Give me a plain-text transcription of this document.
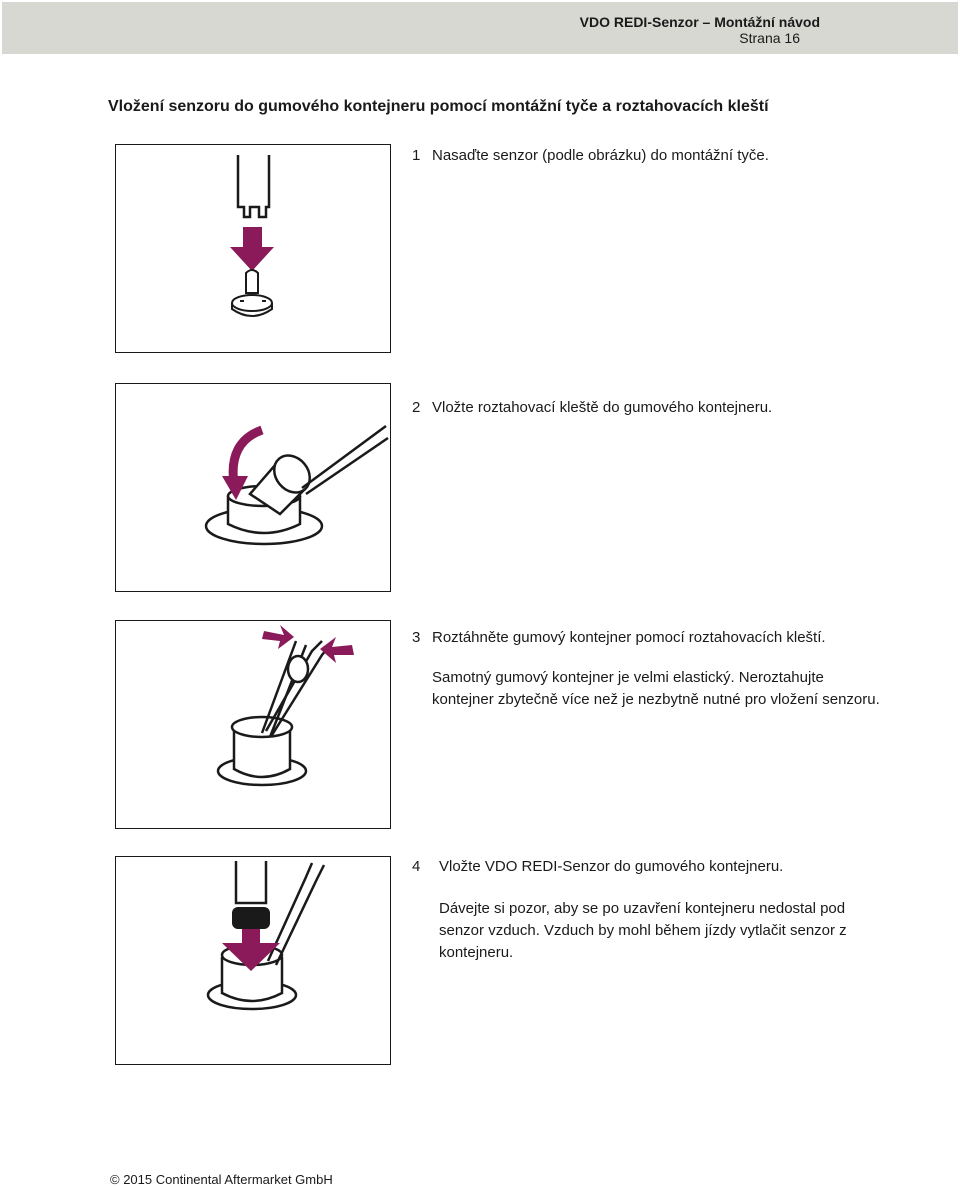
VDO REDI-Senzor – Montážní návod
Strana 16
Vložení senzoru do gumového kontejneru pomocí montážní tyče a roztahovacích kleští
1 Nasaďte senzor (podle obrázku) do montážní tyče.
2 Vložte roztahovací kleště do gumového kontejneru.
3 Roztáhněte gumový kontejner pomocí roztahovacích kleští.
Samotný gumový kontejner je velmi elastický. Neroztahujte kontejner zbytečně více než je nezbytně nutné pro vložení senzoru.
4 Vložte VDO REDI-Senzor do gumového kontejneru.
Dávejte si pozor, aby se po uzavření kontejneru nedostal pod senzor vzduch. Vzduch by mohl během jízdy vytlačit senzor z kontejneru.
© 2015 Continental Aftermarket GmbH
